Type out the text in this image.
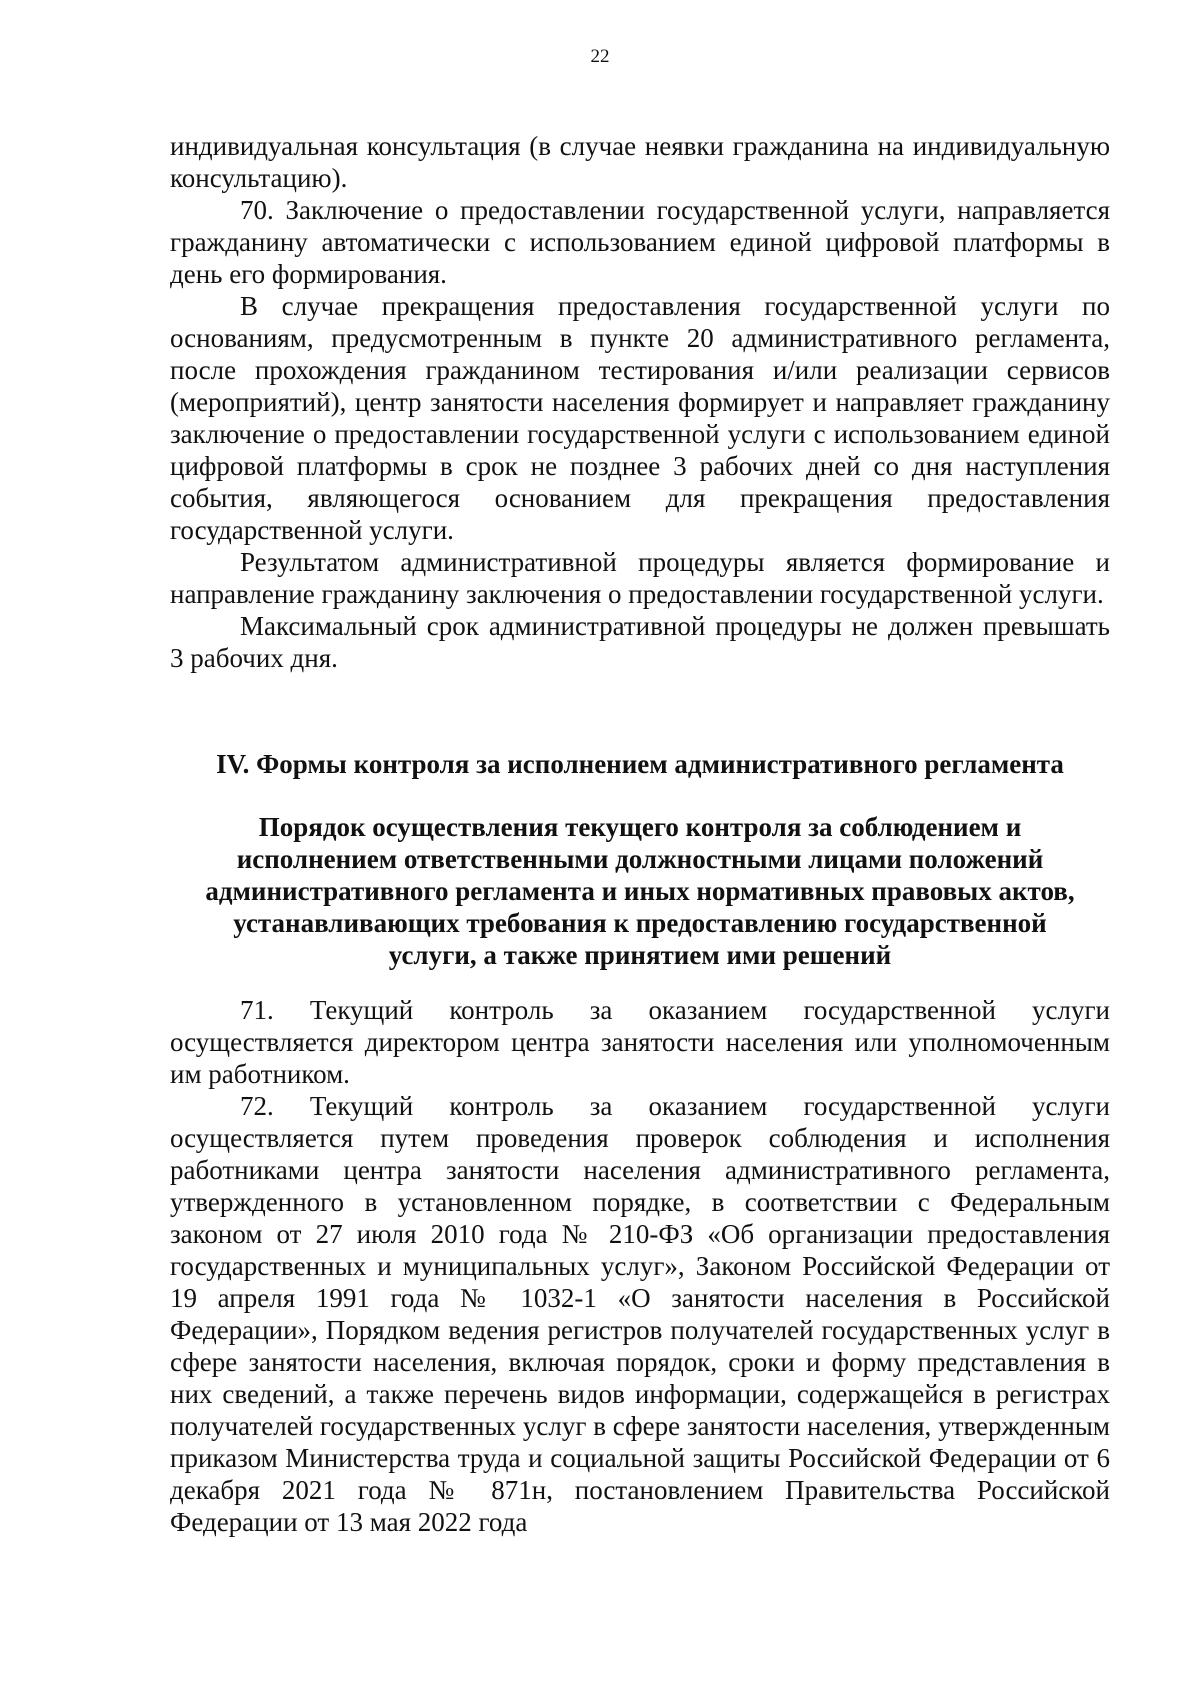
22

индивидуальная консультация (в случае неявки гражданина на индивидуальную консультацию).

70. Заключение о предоставлении государственной услуги, направляется гражданину автоматически с использованием единой цифровой платформы в день его формирования.

В случае прекращения предоставления государственной услуги по основаниям, предусмотренным в пункте 20 административного регламента, после прохождения гражданином тестирования и/или реализации сервисов (мероприятий), центр занятости населения формирует и направляет гражданину заключение о предоставлении государственной услуги с использованием единой цифровой платформы в срок не позднее 3 рабочих дней со дня наступления события, являющегося основанием для прекращения предоставления государственной услуги.

Результатом административной процедуры является формирование и направление гражданину заключения о предоставлении государственной услуги.

Максимальный срок административной процедуры не должен превышать 3 рабочих дня.

IV. Формы контроля за исполнением административного регламента
Порядок осуществления текущего контроля за соблюдением и
исполнением ответственными должностными лицами положений
административного регламента и иных нормативных правовых актов,
устанавливающих требования к предоставлению государственной
услуги, а также принятием ими решений

71. Текущий контроль за оказанием государственной услуги осуществляется директором центра занятости населения или уполномоченным им работником.

72. Текущий контроль за оказанием государственной услуги осуществляется путем проведения проверок соблюдения и исполнения работниками центра занятости населения административного регламента, утвержденного в установленном порядке, в соответствии с Федеральным законом от 27 июля 2010 года № 210-ФЗ «Об организации предоставления государственных и муниципальных услуг», Законом Российской Федерации от 19 апреля 1991 года № 1032-1 «О занятости населения в Российской Федерации», Порядком ведения регистров получателей государственных услуг в сфере занятости населения, включая порядок, сроки и форму представления в них сведений, а также перечень видов информации, содержащейся в регистрах получателей государственных услуг в сфере занятости населения, утвержденным приказом Министерства труда и социальной защиты Российской Федерации от 6 декабря 2021 года № 871н, постановлением Правительства Российской Федерации от 13 мая 2022 года
